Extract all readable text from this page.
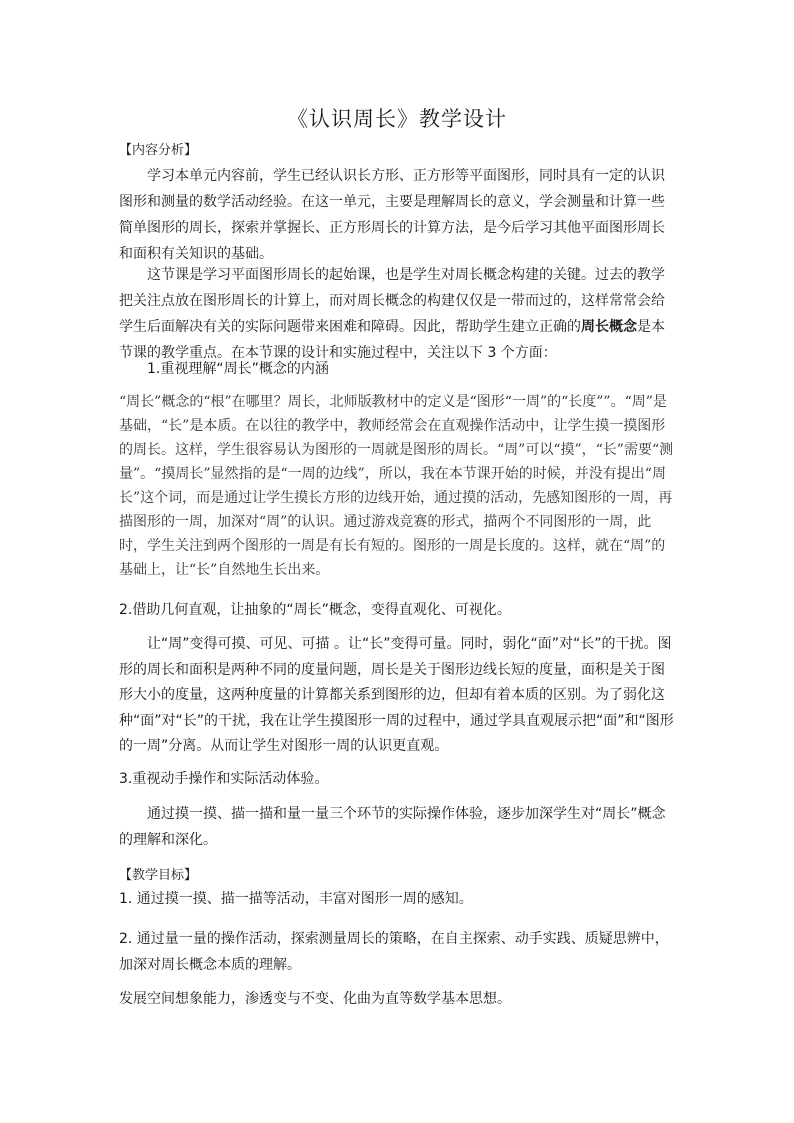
《认识周长》教学设计
【内容分析】

学习本单元内容前，学生已经认识长方形、正方形等平面图形，同时具有一定的认识图形和测量的数学活动经验。在这一单元，主要是理解周长的意义，学会测量和计算一些简单图形的周长，探索并掌握长、正方形周长的计算方法，是今后学习其他平面图形周长和面积有关知识的基础。

这节课是学习平面图形周长的起始课，也是学生对周长概念构建的关键。过去的教学把关注点放在图形周长的计算上，而对周长概念的构建仅仅是一带而过的，这样常常会给学生后面解决有关的实际问题带来困难和障碍。因此，帮助学生建立正确的周长概念是本节课的教学重点。在本节课的设计和实施过程中，关注以下 3 个方面：

1.重视理解“周长”概念的内涵

“周长”概念的“根”在哪里？周长，北师版教材中的定义是“图形“一周”的“长度””。“周”是基础，“长”是本质。在以往的教学中，教师经常会在直观操作活动中，让学生摸一摸图形的周长。这样，学生很容易认为图形的一周就是图形的周长。“周”可以“摸”，“长”需要“测量”。“摸周长”显然指的是“一周的边线”，所以，我在本节课开始的时候，并没有提出“周长”这个词，而是通过让学生摸长方形的边线开始，通过摸的活动，先感知图形的一周，再描图形的一周，加深对“周”的认识。通过游戏竞赛的形式，描两个不同图形的一周，此时，学生关注到两个图形的一周是有长有短的。图形的一周是长度的。这样，就在“周”的基础上，让“长”自然地生长出来。

2.借助几何直观，让抽象的“周长”概念，变得直观化、可视化。

让“周”变得可摸、可见、可描 。让“长”变得可量。同时，弱化“面”对“长”的干扰。图形的周长和面积是两种不同的度量问题，周长是关于图形边线长短的度量，面积是关于图形大小的度量，这两种度量的计算都关系到图形的边，但却有着本质的区别。为了弱化这种“面”对“长”的干扰，我在让学生摸图形一周的过程中，通过学具直观展示把“面”和“图形的一周”分离。从而让学生对图形一周的认识更直观。

3.重视动手操作和实际活动体验。

通过摸一摸、描一描和量一量三个环节的实际操作体验，逐步加深学生对“周长”概念的理解和深化。

【教学目标】

1. 通过摸一摸、描一描等活动，丰富对图形一周的感知。

2. 通过量一量的操作活动，探索测量周长的策略，在自主探索、动手实践、质疑思辨中，加深对周长概念本质的理解。

发展空间想象能力，渗透变与不变、化曲为直等数学基本思想。
